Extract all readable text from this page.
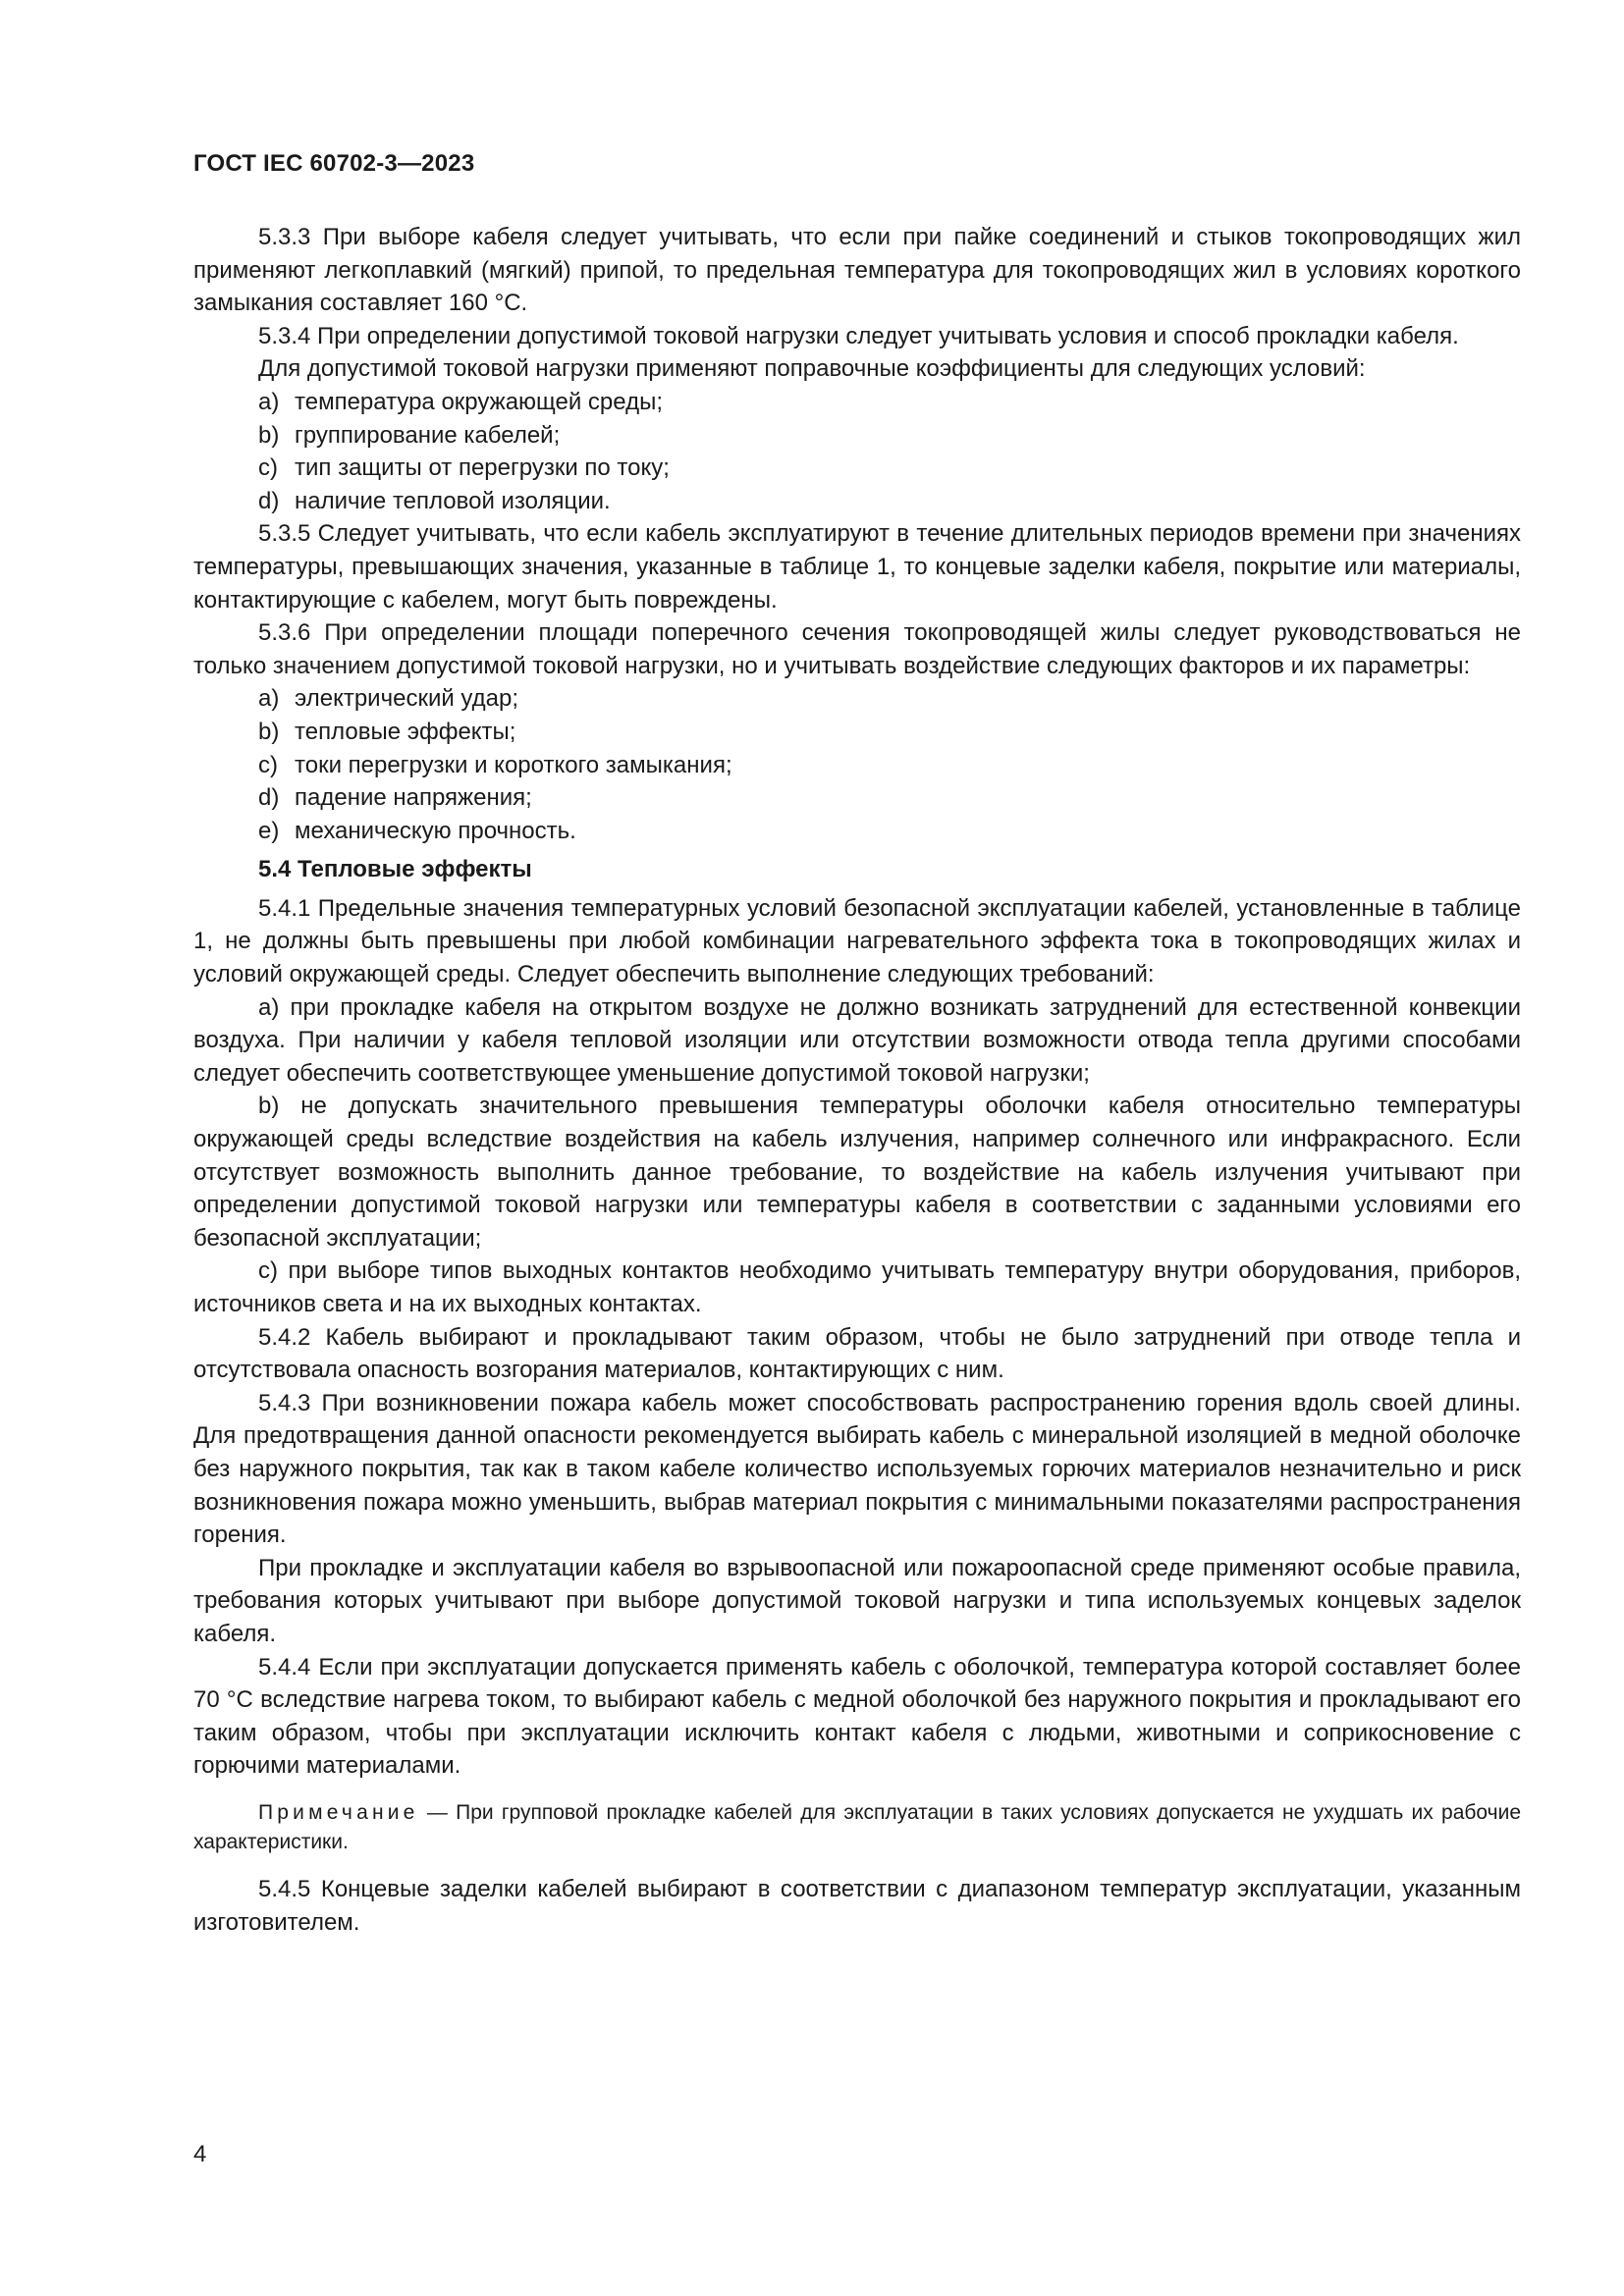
ГОСТ IEC 60702-3—2023

5.3.3 При выборе кабеля следует учитывать, что если при пайке соединений и стыков токопроводящих жил применяют легкоплавкий (мягкий) припой, то предельная температура для токопроводящих жил в условиях короткого замыкания составляет 160 °С.

5.3.4 При определении допустимой токовой нагрузки следует учитывать условия и способ прокладки кабеля.

Для допустимой токовой нагрузки применяют поправочные коэффициенты для следующих условий:

a) температура окружающей среды;
b) группирование кабелей;
c) тип защиты от перегрузки по току;
d) наличие тепловой изоляции.

5.3.5 Следует учитывать, что если кабель эксплуатируют в течение длительных периодов времени при значениях температуры, превышающих значения, указанные в таблице 1, то концевые заделки кабеля, покрытие или материалы, контактирующие с кабелем, могут быть повреждены.

5.3.6 При определении площади поперечного сечения токопроводящей жилы следует руководствоваться не только значением допустимой токовой нагрузки, но и учитывать воздействие следующих факторов и их параметры:

a) электрический удар;
b) тепловые эффекты;
c) токи перегрузки и короткого замыкания;
d) падение напряжения;
e) механическую прочность.
5.4 Тепловые эффекты

5.4.1 Предельные значения температурных условий безопасной эксплуатации кабелей, установленные в таблице 1, не должны быть превышены при любой комбинации нагревательного эффекта тока в токопроводящих жилах и условий окружающей среды. Следует обеспечить выполнение следующих требований:

a) при прокладке кабеля на открытом воздухе не должно возникать затруднений для естественной конвекции воздуха. При наличии у кабеля тепловой изоляции или отсутствии возможности отвода тепла другими способами следует обеспечить соответствующее уменьшение допустимой токовой нагрузки;

b) не допускать значительного превышения температуры оболочки кабеля относительно температуры окружающей среды вследствие воздействия на кабель излучения, например солнечного или инфракрасного. Если отсутствует возможность выполнить данное требование, то воздействие на кабель излучения учитывают при определении допустимой токовой нагрузки или температуры кабеля в соответствии с заданными условиями его безопасной эксплуатации;

c) при выборе типов выходных контактов необходимо учитывать температуру внутри оборудования, приборов, источников света и на их выходных контактах.

5.4.2 Кабель выбирают и прокладывают таким образом, чтобы не было затруднений при отводе тепла и отсутствовала опасность возгорания материалов, контактирующих с ним.

5.4.3 При возникновении пожара кабель может способствовать распространению горения вдоль своей длины. Для предотвращения данной опасности рекомендуется выбирать кабель с минеральной изоляцией в медной оболочке без наружного покрытия, так как в таком кабеле количество используемых горючих материалов незначительно и риск возникновения пожара можно уменьшить, выбрав материал покрытия с минимальными показателями распространения горения.

При прокладке и эксплуатации кабеля во взрывоопасной или пожароопасной среде применяют особые правила, требования которых учитывают при выборе допустимой токовой нагрузки и типа используемых концевых заделок кабеля.

5.4.4 Если при эксплуатации допускается применять кабель с оболочкой, температура которой составляет более 70 °С вследствие нагрева током, то выбирают кабель с медной оболочкой без наружного покрытия и прокладывают его таким образом, чтобы при эксплуатации исключить контакт кабеля с людьми, животными и соприкосновение с горючими материалами.

Примечание — При групповой прокладке кабелей для эксплуатации в таких условиях допускается не ухудшать их рабочие характеристики.

5.4.5 Концевые заделки кабелей выбирают в соответствии с диапазоном температур эксплуатации, указанным изготовителем.

4
